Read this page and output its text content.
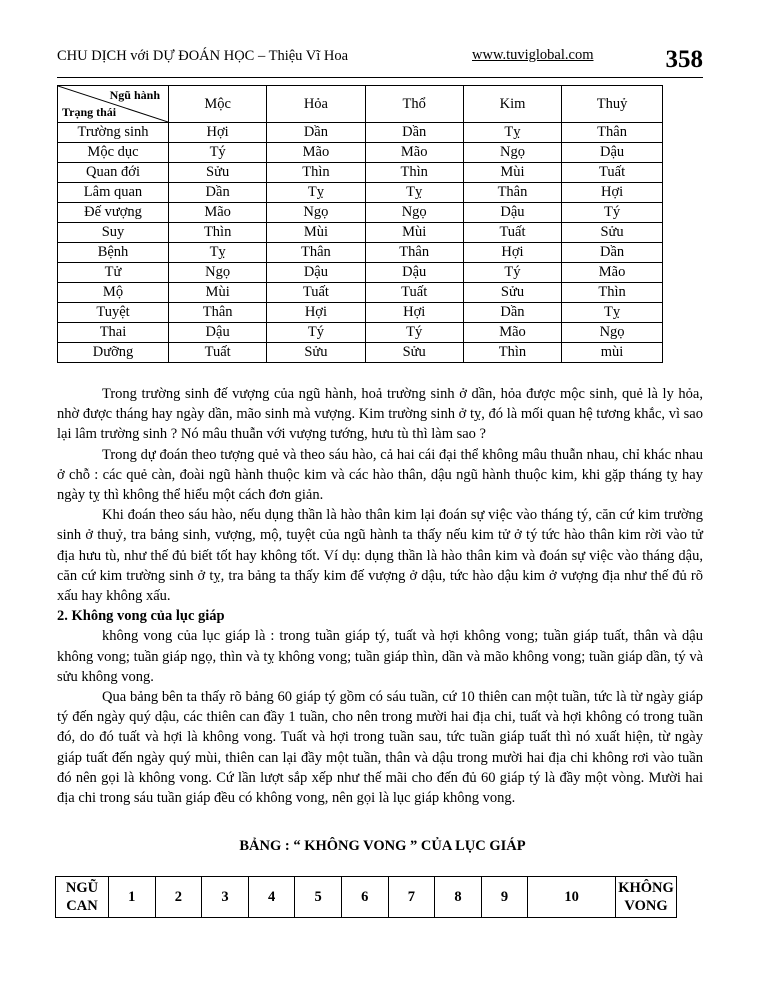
CHU DỊCH với DỰ ĐOÁN HỌC – Thiệu Vĩ Hoa	www.tuviglobal.com	358
Ngũ hành
Trạng thái	Mộc	Hỏa	Thổ	Kim	Thuỷ
Trường sinh	Hợi	Dần	Dần	Tỵ	Thân
Mộc dục	Tý	Mão	Mão	Ngọ	Dậu
Quan đới	Sửu	Thìn	Thìn	Mùi	Tuất
Lâm quan	Dần	Tỵ	Tỵ	Thân	Hợi
Đế vượng	Mão	Ngọ	Ngọ	Dậu	Tý
Suy	Thìn	Mùi	Mùi	Tuất	Sửu
Bệnh	Tỵ	Thân	Thân	Hợi	Dần
Tử	Ngọ	Dậu	Dậu	Tý	Mão
Mộ	Mùi	Tuất	Tuất	Sửu	Thìn
Tuyệt	Thân	Hợi	Hợi	Dần	Tỵ
Thai	Dậu	Tý	Tý	Mão	Ngọ
Dưỡng	Tuất	Sửu	Sửu	Thìn	mùi

Trong trường sinh đế vượng của ngũ hành, hoả trường sinh ở dần, hỏa được mộc sinh, quẻ là ly hỏa, nhờ được tháng hay ngày dần, mão sinh mà vượng. Kim trường sinh ở tỵ, đó là mối quan hệ tương khắc, vì sao lại lâm trường sinh ? Nó mâu thuẫn với vượng tướng, hưu tù thì làm sao ?

Trong dự đoán theo tượng quẻ và theo sáu hào, cả hai cái đại thể không mâu thuẫn nhau, chỉ khác nhau ở chỗ : các quẻ càn, đoài ngũ hành thuộc kim và các hào thân, dậu ngũ hành thuộc kim, khi gặp tháng tỵ hay ngày tỵ thì không thể hiểu một cách đơn giản.

Khi đoán theo sáu hào, nếu dụng thần là hào thân kim lại đoán sự việc vào tháng tý, căn cứ kim trường sinh ở thuỷ, tra bảng sinh, vượng, mộ, tuyệt của ngũ hành ta thấy nếu kim tử ở tý tức hào thân kim rời vào tử địa hưu tù, như thế đủ biết tốt hay không tốt. Ví dụ: dụng thần là hào thân kim và đoán sự việc vào tháng dậu, căn cứ kim trường sinh ở tỵ, tra bảng ta thấy kim đế vượng ở dậu, tức hào dậu kim ở vượng địa như thế đủ rõ xấu hay không xấu.

2. Không vong của lục giáp

không vong của lục giáp là : trong tuần giáp tý, tuất và hợi không vong; tuần giáp tuất, thân và dậu không vong; tuần giáp ngọ, thìn và tỵ không vong; tuần giáp thìn, dần và mão không vong; tuần giáp dần, tý và sửu không vong.

Qua bảng bên ta thấy rõ bảng 60 giáp tý gồm có sáu tuần, cứ 10 thiên can một tuần, tức là từ ngày giáp tý đến ngày quý dậu, các thiên can đầy 1 tuần, cho nên trong mười hai địa chi, tuất và hợi không có trong tuần đó, do đó tuất và hợi là không vong. Tuất và hợi trong tuần sau, tức tuần giáp tuất thì nó xuất hiện, từ ngày giáp tuất đến ngày quý mùi, thiên can lại đầy một tuần, thân và dậu trong mười hai địa chi không rơi vào tuần đó nên gọi là không vong. Cứ lần lượt sắp xếp như thế mãi cho đến đủ 60 giáp tý là đầy một vòng. Mười hai địa chi trong sáu tuần giáp đều có không vong, nên gọi là lục giáp không vong.

BẢNG : “ KHÔNG VONG ” CỦA LỤC GIÁP
NGŨ
CAN	1	2	3	4	5	6	7	8	9	10	KHÔNG
VONG
